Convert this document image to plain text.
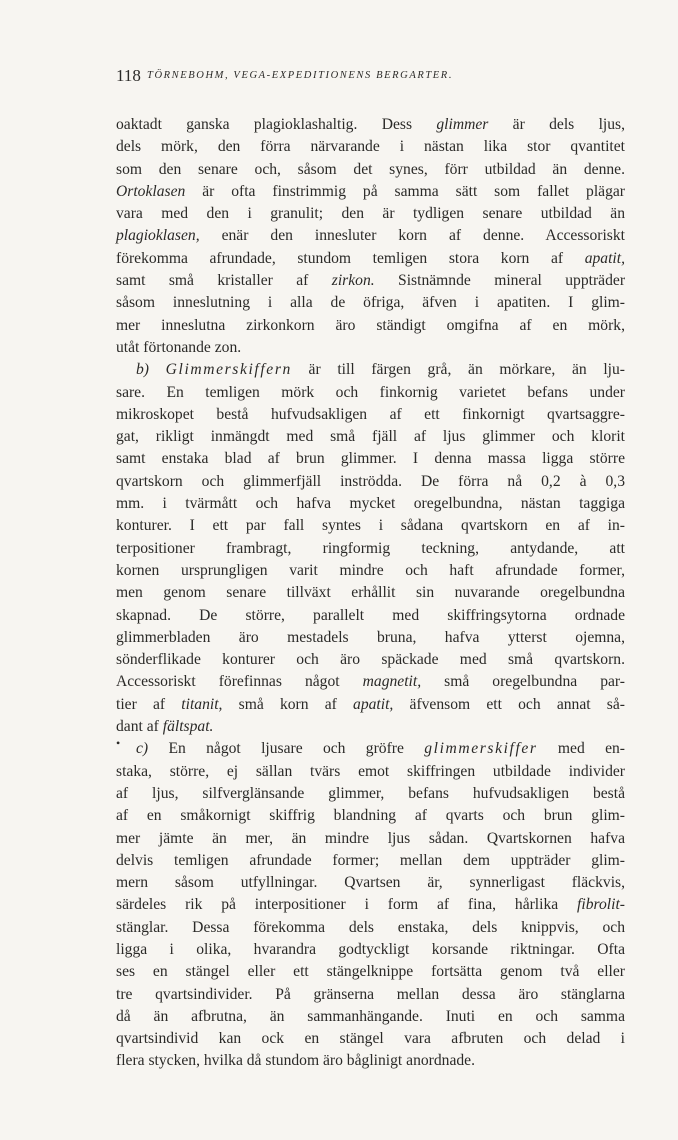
118 TÖRNEBOHM, VEGA-EXPEDITIONENS BERGARTER.
•
oaktadt ganska plagioklashaltig. Dess glimmer är dels ljus,
dels mörk, den förra närvarande i nästan lika stor qvantitet
som den senare och, såsom det synes, förr utbildad än denne.
Ortoklasen är ofta finstrimmig på samma sätt som fallet plägar
vara med den i granulit; den är tydligen senare utbildad än
plagioklasen, enär den innesluter korn af denne. Accessoriskt
förekomma afrundade, stundom temligen stora korn af apatit,
samt små kristaller af zirkon. Sistnämnde mineral uppträder
såsom inneslutning i alla de öfriga, äfven i apatiten. I glim-
mer inneslutna zirkonkorn äro ständigt omgifna af en mörk,
utåt förtonande zon.
b) Glimmerskiffern är till färgen grå, än mörkare, än lju-
sare. En temligen mörk och finkornig varietet befans under
mikroskopet bestå hufvudsakligen af ett finkornigt qvartsaggre-
gat, rikligt inmängdt med små fjäll af ljus glimmer och klorit
samt enstaka blad af brun glimmer. I denna massa ligga större
qvartskorn och glimmerfjäll inströdda. De förra nå 0,2 à 0,3
mm. i tvärmått och hafva mycket oregelbundna, nästan taggiga
konturer. I ett par fall syntes i sådana qvartskorn en af in-
terpositioner frambragt, ringformig teckning, antydande, att
kornen ursprungligen varit mindre och haft afrundade former,
men genom senare tillväxt erhållit sin nuvarande oregelbundna
skapnad. De större, parallelt med skiffringsytorna ordnade
glimmerbladen äro mestadels bruna, hafva ytterst ojemna,
sönderflikade konturer och äro späckade med små qvartskorn.
Accessoriskt förefinnas något magnetit, små oregelbundna par-
tier af titanit, små korn af apatit, äfvensom ett och annat så-
dant af fältspat.
c) En något ljusare och gröfre glimmerskiffer med en-
staka, större, ej sällan tvärs emot skiffringen utbildade individer
af ljus, silfverglänsande glimmer, befans hufvudsakligen bestå
af en småkornigt skiffrig blandning af qvarts och brun glim-
mer jämte än mer, än mindre ljus sådan. Qvartskornen hafva
delvis temligen afrundade former; mellan dem uppträder glim-
mern såsom utfyllningar. Qvartsen är, synnerligast fläckvis,
särdeles rik på interpositioner i form af fina, hårlika fibrolit-
stänglar. Dessa förekomma dels enstaka, dels knippvis, och
ligga i olika, hvarandra godtyckligt korsande riktningar. Ofta
ses en stängel eller ett stängelknippe fortsätta genom två eller
tre qvartsindivider. På gränserna mellan dessa äro stänglarna
då än afbrutna, än sammanhängande. Inuti en och samma
qvartsindivid kan ock en stängel vara afbruten och delad i
flera stycken, hvilka då stundom äro båglinigt anordnade.
